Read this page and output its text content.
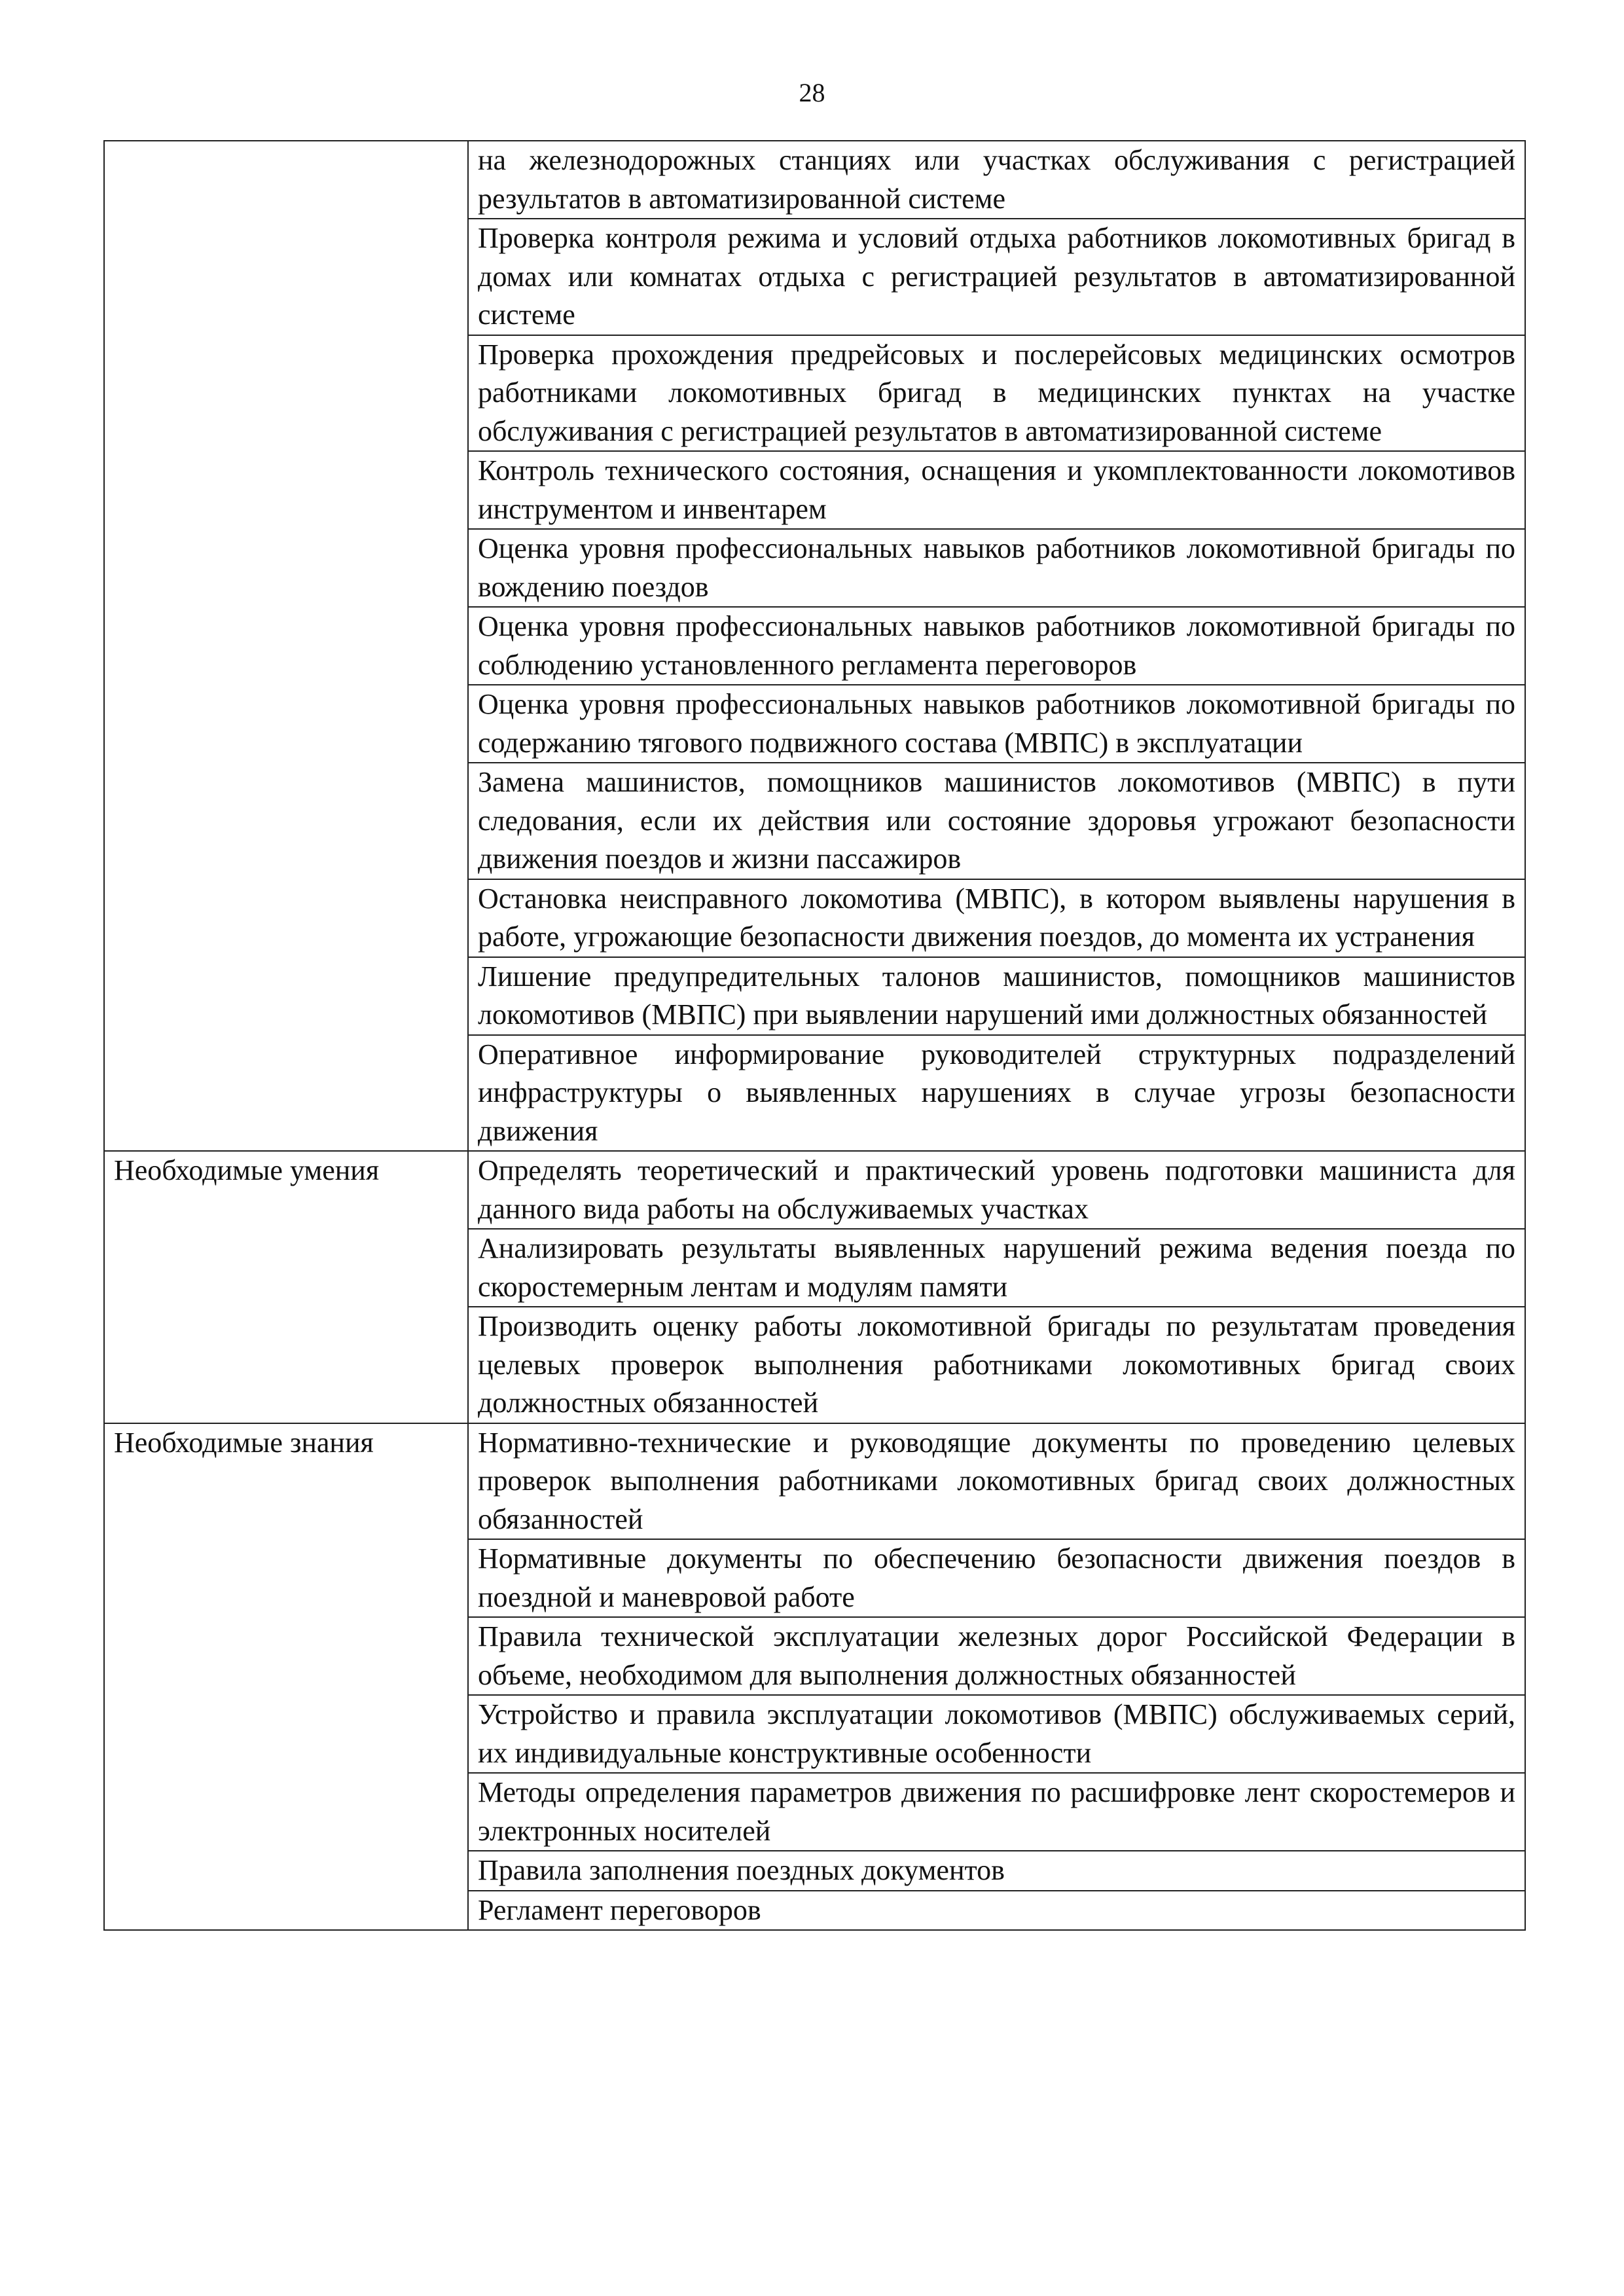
28
	на железнодорожных станциях или участках обслуживания с регистрацией результатов в автоматизированной системе
	Проверка контроля режима и условий отдыха работников локомотивных бригад в домах или комнатах отдыха с регистрацией результатов в автоматизированной системе
	Проверка прохождения предрейсовых и послерейсовых медицинских осмотров работниками локомотивных бригад в медицинских пунктах на участке обслуживания с регистрацией результатов в автоматизированной системе
	Контроль технического состояния, оснащения и укомплектованности локомотивов инструментом и инвентарем
	Оценка уровня профессиональных навыков работников локомотивной бригады по вождению поездов
	Оценка уровня профессиональных навыков работников локомотивной бригады по соблюдению установленного регламента переговоров
	Оценка уровня профессиональных навыков работников локомотивной бригады по содержанию тягового подвижного состава (МВПС) в эксплуатации
	Замена машинистов, помощников машинистов локомотивов (МВПС) в пути следования, если их действия или состояние здоровья угрожают безопасности движения поездов и жизни пассажиров
	Остановка неисправного локомотива (МВПС), в котором выявлены нарушения в работе, угрожающие безопасности движения поездов, до момента их устранения
	Лишение предупредительных талонов машинистов, помощников машинистов локомотивов (МВПС) при выявлении нарушений ими должностных обязанностей
	Оперативное информирование руководителей структурных подразделений инфраструктуры о выявленных нарушениях в случае угрозы безопасности движения
Необходимые умения	Определять теоретический и практический уровень подготовки машиниста для данного вида работы на обслуживаемых участках
	Анализировать результаты выявленных нарушений режима ведения поезда по скоростемерным лентам и модулям памяти
	Производить оценку работы локомотивной бригады по результатам проведения целевых проверок выполнения работниками локомотивных бригад своих должностных обязанностей
Необходимые знания	Нормативно-технические и руководящие документы по проведению целевых проверок выполнения работниками локомотивных бригад своих должностных обязанностей
	Нормативные документы по обеспечению безопасности движения поездов в поездной и маневровой работе
	Правила технической эксплуатации железных дорог Российской Федерации в объеме, необходимом для выполнения должностных обязанностей
	Устройство и правила эксплуатации локомотивов (МВПС) обслуживаемых серий, их индивидуальные конструктивные особенности
	Методы определения параметров движения по расшифровке лент скоростемеров и электронных носителей
	Правила заполнения поездных документов
	Регламент переговоров
